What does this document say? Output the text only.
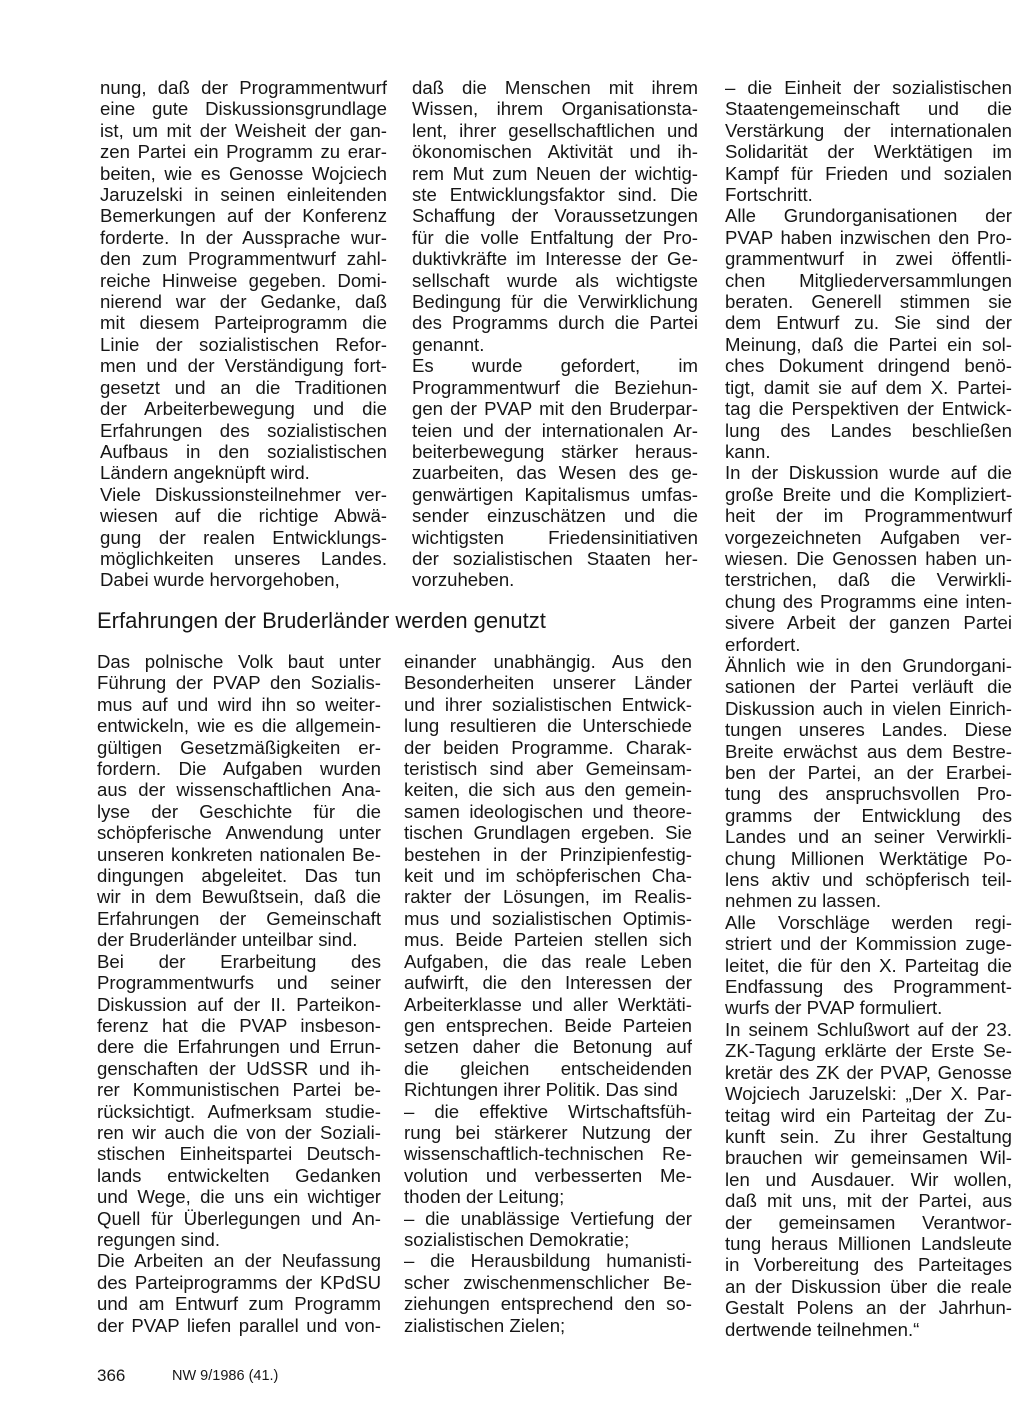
nung, daß der Programmentwurf
eine gute Diskussionsgrundlage
ist, um mit der Weisheit der gan-
zen Partei ein Programm zu erar-
beiten, wie es Genosse Wojciech
Jaruzelski in seinen einleitenden
Bemerkungen auf der Konferenz
forderte. In der Aussprache wur-
den zum Programmentwurf zahl-
reiche Hinweise gegeben. Domi-
nierend war der Gedanke, daß
mit diesem Parteiprogramm die
Linie der sozialistischen Refor-
men und der Verständigung fort-
gesetzt und an die Traditionen
der Arbeiterbewegung und die
Erfahrungen des sozialistischen
Aufbaus in den sozialistischen
Ländern angeknüpft wird.
Viele Diskussionsteilnehmer ver-
wiesen auf die richtige Abwä-
gung der realen Entwicklungs-
möglichkeiten unseres Landes.
Dabei wurde hervorgehoben,
daß die Menschen mit ihrem
Wissen, ihrem Organisationsta-
lent, ihrer gesellschaftlichen und
ökonomischen Aktivität und ih-
rem Mut zum Neuen der wichtig-
ste Entwicklungsfaktor sind. Die
Schaffung der Voraussetzungen
für die volle Entfaltung der Pro-
duktivkräfte im Interesse der Ge-
sellschaft wurde als wichtigste
Bedingung für die Verwirklichung
des Programms durch die Partei
genannt.
Es wurde gefordert, im
Programmentwurf die Beziehun-
gen der PVAP mit den Bruderpar-
teien und der internationalen Ar-
beiterbewegung stärker heraus-
zuarbeiten, das Wesen des ge-
genwärtigen Kapitalismus umfas-
sender einzuschätzen und die
wichtigsten Friedensinitiativen
der sozialistischen Staaten her-
vorzuheben.
Erfahrungen der Bruderländer werden genutzt
Das polnische Volk baut unter
Führung der PVAP den Sozialis-
mus auf und wird ihn so weiter-
entwickeln, wie es die allgemein-
gültigen Gesetzmäßigkeiten er-
fordern. Die Aufgaben wurden
aus der wissenschaftlichen Ana-
lyse der Geschichte für die
schöpferische Anwendung unter
unseren konkreten nationalen Be-
dingungen abgeleitet. Das tun
wir in dem Bewußtsein, daß die
Erfahrungen der Gemeinschaft
der Bruderländer unteilbar sind.
Bei der Erarbeitung des
Programmentwurfs und seiner
Diskussion auf der II. Parteikon-
ferenz hat die PVAP insbeson-
dere die Erfahrungen und Errun-
genschaften der UdSSR und ih-
rer Kommunistischen Partei be-
rücksichtigt. Aufmerksam studie-
ren wir auch die von der Soziali-
stischen Einheitspartei Deutsch-
lands entwickelten Gedanken
und Wege, die uns ein wichtiger
Quell für Überlegungen und An-
regungen sind.
Die Arbeiten an der Neufassung
des Parteiprogramms der KPdSU
und am Entwurf zum Programm
der PVAP liefen parallel und von-
einander unabhängig. Aus den
Besonderheiten unserer Länder
und ihrer sozialistischen Entwick-
lung resultieren die Unterschiede
der beiden Programme. Charak-
teristisch sind aber Gemeinsam-
keiten, die sich aus den gemein-
samen ideologischen und theore-
tischen Grundlagen ergeben. Sie
bestehen in der Prinzipienfestig-
keit und im schöpferischen Cha-
rakter der Lösungen, im Realis-
mus und sozialistischen Optimis-
mus. Beide Parteien stellen sich
Aufgaben, die das reale Leben
aufwirft, die den Interessen der
Arbeiterklasse und aller Werktäti-
gen entsprechen. Beide Parteien
setzen daher die Betonung auf
die gleichen entscheidenden
Richtungen ihrer Politik. Das sind
– die effektive Wirtschaftsfüh-
rung bei stärkerer Nutzung der
wissenschaftlich-technischen Re-
volution und verbesserten Me-
thoden der Leitung;
– die unablässige Vertiefung der
sozialistischen Demokratie;
– die Herausbildung humanisti-
scher zwischenmenschlicher Be-
ziehungen entsprechend den so-
zialistischen Zielen;
– die Einheit der sozialistischen
Staatengemeinschaft und die
Verstärkung der internationalen
Solidarität der Werktätigen im
Kampf für Frieden und sozialen
Fortschritt.
Alle Grundorganisationen der
PVAP haben inzwischen den Pro-
grammentwurf in zwei öffentli-
chen Mitgliederversammlungen
beraten. Generell stimmen sie
dem Entwurf zu. Sie sind der
Meinung, daß die Partei ein sol-
ches Dokument dringend benö-
tigt, damit sie auf dem X. Partei-
tag die Perspektiven der Entwick-
lung des Landes beschließen
kann.
In der Diskussion wurde auf die
große Breite und die Kompliziert-
heit der im Programmentwurf
vorgezeichneten Aufgaben ver-
wiesen. Die Genossen haben un-
terstrichen, daß die Verwirkli-
chung des Programms eine inten-
sivere Arbeit der ganzen Partei
erfordert.
Ähnlich wie in den Grundorgani-
sationen der Partei verläuft die
Diskussion auch in vielen Einrich-
tungen unseres Landes. Diese
Breite erwächst aus dem Bestre-
ben der Partei, an der Erarbei-
tung des anspruchsvollen Pro-
gramms der Entwicklung des
Landes und an seiner Verwirkli-
chung Millionen Werktätige Po-
lens aktiv und schöpferisch teil-
nehmen zu lassen.
Alle Vorschläge werden regi-
striert und der Kommission zuge-
leitet, die für den X. Parteitag die
Endfassung des Programment-
wurfs der PVAP formuliert.
In seinem Schlußwort auf der 23.
ZK-Tagung erklärte der Erste Se-
kretär des ZK der PVAP, Genosse
Wojciech Jaruzelski: „Der X. Par-
teitag wird ein Parteitag der Zu-
kunft sein. Zu ihrer Gestaltung
brauchen wir gemeinsamen Wil-
len und Ausdauer. Wir wollen,
daß mit uns, mit der Partei, aus
der gemeinsamen Verantwor-
tung heraus Millionen Landsleute
in Vorbereitung des Parteitages
an der Diskussion über die reale
Gestalt Polens an der Jahrhun-
dertwende teilnehmen.“
366	NW 9/1986 (41.)
